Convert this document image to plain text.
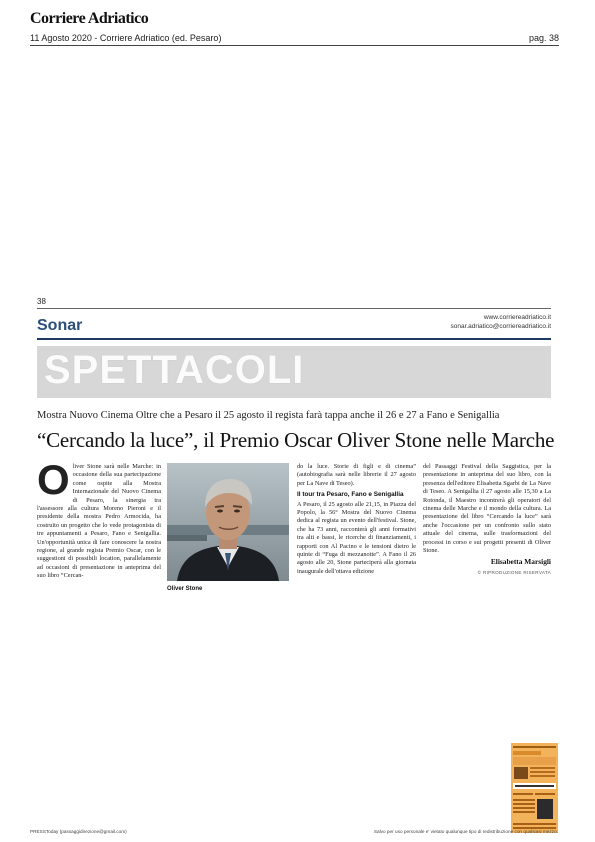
Corriere Adriatico
11 Agosto 2020 - Corriere Adriatico (ed. Pesaro)	pag. 38
38
Sonar	www.corriereadriatico.it
sonar.adriatico@corriereadriatico.it
SPETTACOLI
Mostra Nuovo Cinema Oltre che a Pesaro il 25 agosto il regista farà tappa anche il 26 e 27 a Fano e Senigallia
“Cercando la luce”, il Premio Oscar Oliver Stone nelle Marche
O liver Stone sarà nelle Marche: in occasione della sua partecipazione come ospite alla Mostra Internazionale del Nuovo Cinema di Pesaro, la sinergia tra l'assessore alla cultura Moreno Pieroni e il presidente della mostra Pedro Armocida, ha costruito un progetto che lo vede protagonista di tre appuntamenti a Pesaro, Fano e Senigallia. Un'opportunità unica di fare conoscere la nostra regione, al grande regista Premio Oscar, con le suggestioni di possibili location, parallelamente ad occasioni di presentazione in anteprima del suo libro “Cercan-
Oliver Stone
do la luce. Storie di figli e di cinema” (autobiografia sarà nelle librerie il 27 agosto per La Nave di Teseo).
Il tour tra Pesaro, Fano e Senigallia
A Pesaro, il 25 agosto alle 21,15, in Piazza del Popolo, la 56° Mostra del Nuovo Cinema dedica al regista un evento dell'festival. Stone, che ha 73 anni, racconterà gli anni formativi tra alti e bassi, le ricerche di finanziamenti, i rapporti con Al Pacino e le tensioni dietro le quinte di “Fuga di mezzanotte”. A Fano il 26 agosto alle 20, Stone parteciperà alla giornata inaugurale dell'ottava edizione
del Passaggi Festival della Saggistica, per la presentazione in anteprima del suo libro, con la presenza dell'editore Elisabetta Sgarbi de La Nave di Teseo. A Senigallia il 27 agosto alle 15,30 a La Rotonda, il Maestro incontrerà gli operatori del cinema delle Marche e il mondo della cultura. La presentazione del libro “Cercando la luce” sarà anche l'occasione per un confronto sullo stato attuale del cinema, sulle trasformazioni del processi in corso e sui progetti presenti di Oliver Stone.
Elisabetta Marsigli
© RIPRODUZIONE RISERVATA
PRESSToday (passaggidirezione@gmail.com)	Salvo per uso personale e' vietato qualunque tipo di redistribuzione con qualsiasi mezzo.
